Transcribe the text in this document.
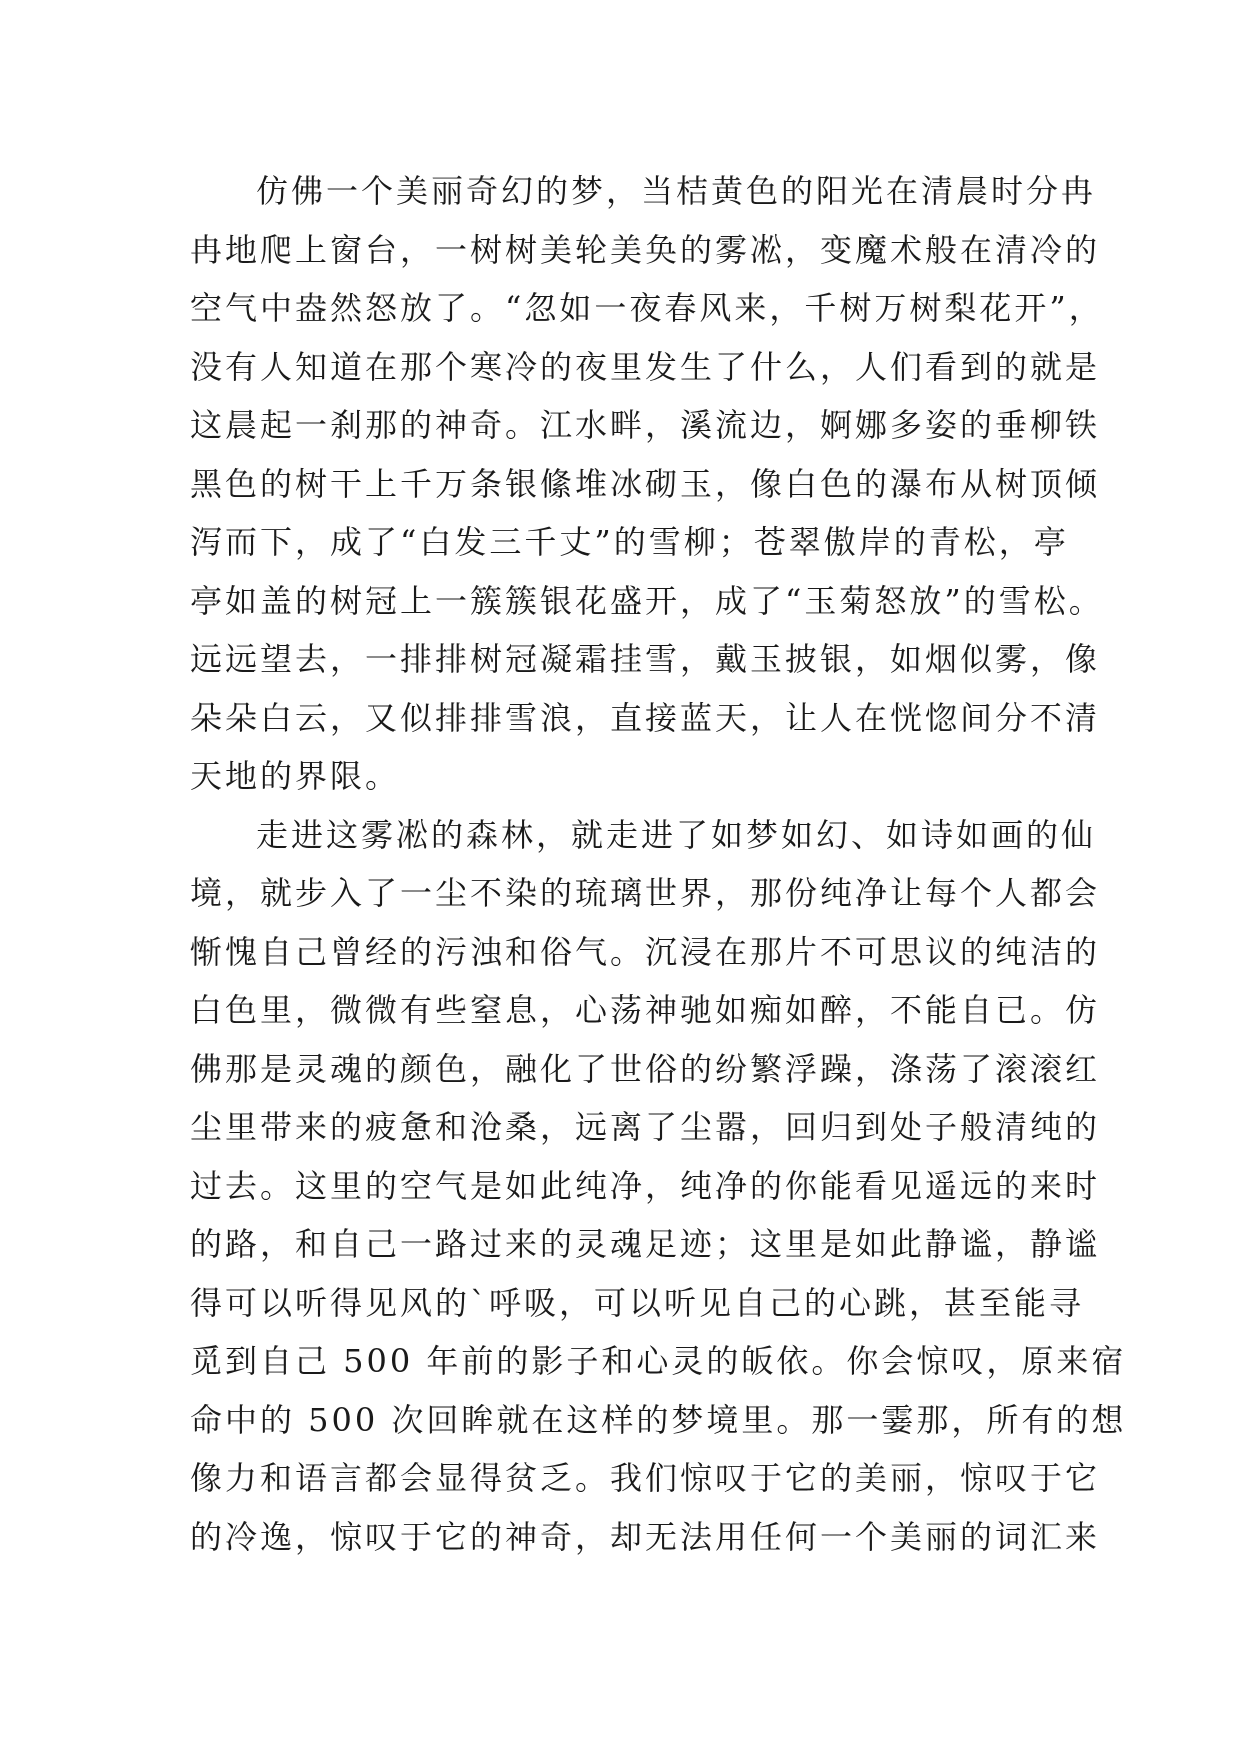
仿佛一个美丽奇幻的梦，当桔黄色的阳光在清晨时分冉
冉地爬上窗台，一树树美轮美奂的雾凇，变魔术般在清冷的
空气中盎然怒放了。“忽如一夜春风来，千树万树梨花开”，
没有人知道在那个寒冷的夜里发生了什么，人们看到的就是
这晨起一刹那的神奇。江水畔，溪流边，婀娜多姿的垂柳铁
黑色的树干上千万条银絛堆冰砌玉，像白色的瀑布从树顶倾
泻而下，成了“白发三千丈”的雪柳；苍翠傲岸的青松，亭
亭如盖的树冠上一簇簇银花盛开，成了“玉菊怒放”的雪松。
远远望去，一排排树冠凝霜挂雪，戴玉披银，如烟似雾，像
朵朵白云，又似排排雪浪，直接蓝天，让人在恍惚间分不清
天地的界限。
走进这雾凇的森林，就走进了如梦如幻、如诗如画的仙
境，就步入了一尘不染的琉璃世界，那份纯净让每个人都会
惭愧自己曾经的污浊和俗气。沉浸在那片不可思议的纯洁的
白色里，微微有些窒息，心荡神驰如痴如醉，不能自已。仿
佛那是灵魂的颜色，融化了世俗的纷繁浮躁，涤荡了滚滚红
尘里带来的疲惫和沧桑，远离了尘嚣，回归到处子般清纯的
过去。这里的空气是如此纯净，纯净的你能看见遥远的来时
的路，和自己一路过来的灵魂足迹；这里是如此静谧，静谧
得可以听得见风的`呼吸，可以听见自己的心跳，甚至能寻
觅到自己 500 年前的影子和心灵的皈依。你会惊叹，原来宿
命中的 500 次回眸就在这样的梦境里。那一霎那，所有的想
像力和语言都会显得贫乏。我们惊叹于它的美丽，惊叹于它
的冷逸，惊叹于它的神奇，却无法用任何一个美丽的词汇来
